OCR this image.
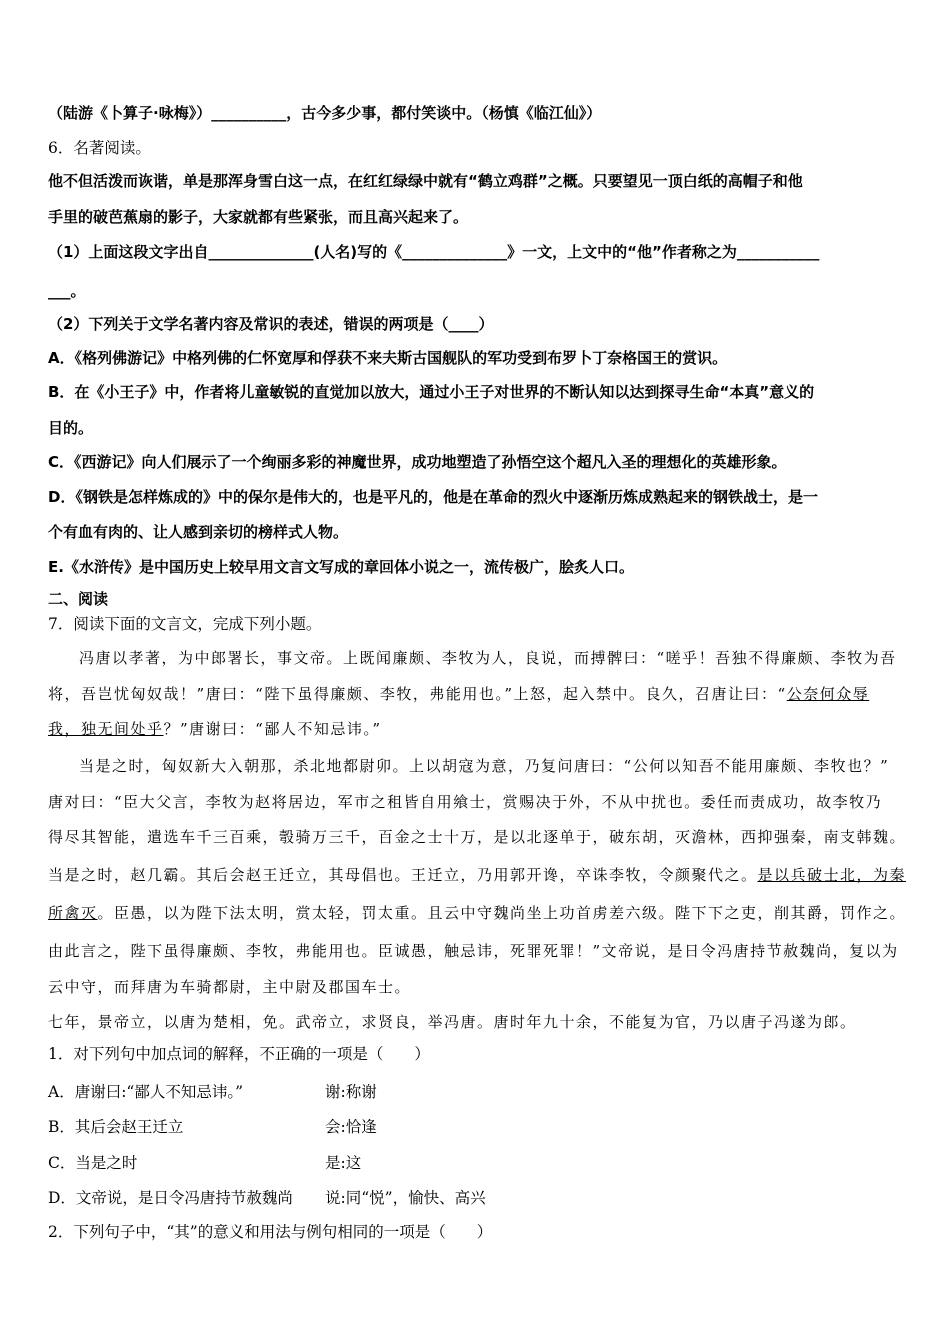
（陆游《卜算子·咏梅》）__________，古今多少事，都付笑谈中。（杨慎《临江仙》）
6．名著阅读。
他不但活泼而诙谐，单是那浑身雪白这一点，在红红绿绿中就有“鹤立鸡群”之概。只要望见一顶白纸的高帽子和他
手里的破芭蕉扇的影子，大家就都有些紧张，而且高兴起来了。
（1）上面这段文字出自______________(人名)写的《______________》一文，上文中的“他”作者称之为___________
___。
（2）下列关于文学名著内容及常识的表述，错误的两项是（____）
A．《格列佛游记》中格列佛的仁怀宽厚和俘获不来夫斯古国舰队的军功受到布罗卜丁奈格国王的赏识。
B．在《小王子》中，作者将儿童敏锐的直觉加以放大，通过小王子对世界的不断认知以达到探寻生命“本真”意义的
目的。
C．《西游记》向人们展示了一个绚丽多彩的神魔世界，成功地塑造了孙悟空这个超凡入圣的理想化的英雄形象。
D．《钢铁是怎样炼成的》中的保尔是伟大的，也是平凡的，他是在革命的烈火中逐渐历炼成熟起来的钢铁战士，是一
个有血有肉的、让人感到亲切的榜样式人物。
E.《水浒传》是中国历史上较早用文言文写成的章回体小说之一，流传极广，脍炙人口。
二、阅读
7．阅读下面的文言文，完成下列小题。
冯唐以孝著，为中郎署长，事文帝。上既闻廉颇、李牧为人，良说，而搏髀曰：“嗟乎！吾独不得廉颇、李牧为吾
将，吾岂忧匈奴哉！”唐曰：“陛下虽得廉颇、李牧，弗能用也。”上怒，起入禁中。良久，召唐让曰：“公奈何众辱
我，独无间处乎？”唐谢曰：“鄙人不知忌讳。”
当是之时，匈奴新大入朝那，杀北地都尉卯。上以胡寇为意，乃复问唐曰：“公何以知吾不能用廉颇、李牧也？”
唐对曰：“臣大父言，李牧为赵将居边，军市之租皆自用飨士，赏赐决于外，不从中扰也。委任而责成功，故李牧乃
得尽其智能，遣选车千三百乘，彀骑万三千，百金之士十万，是以北逐单于，破东胡，灭澹林，西抑强秦，南支韩魏。
当是之时，赵几霸。其后会赵王迁立，其母倡也。王迁立，乃用郭开谗，卒诛李牧，令颜聚代之。是以兵破士北，为秦
所禽灭。臣愚，以为陛下法太明，赏太轻，罚太重。且云中守魏尚坐上功首虏差六级。陛下下之吏，削其爵，罚作之。
由此言之，陛下虽得廉颇、李牧，弗能用也。臣诚愚，触忌讳，死罪死罪！”文帝说，是日令冯唐持节赦魏尚，复以为
云中守，而拜唐为车骑都尉，主中尉及郡国车士。
七年，景帝立，以唐为楚相，免。武帝立，求贤良，举冯唐。唐时年九十余，不能复为官，乃以唐子冯遂为郎。
1．对下列句中加点词的解释，不正确的一项是（　　）
A．唐谢曰:“鄙人不知忌讳。”	谢:称谢
B．其后会赵王迁立	会:恰逢
C．当是之时	是:这
D．文帝说，是日令冯唐持节赦魏尚 说:同“悦”，愉快、高兴
2．下列句子中，“其”的意义和用法与例句相同的一项是（　　）
